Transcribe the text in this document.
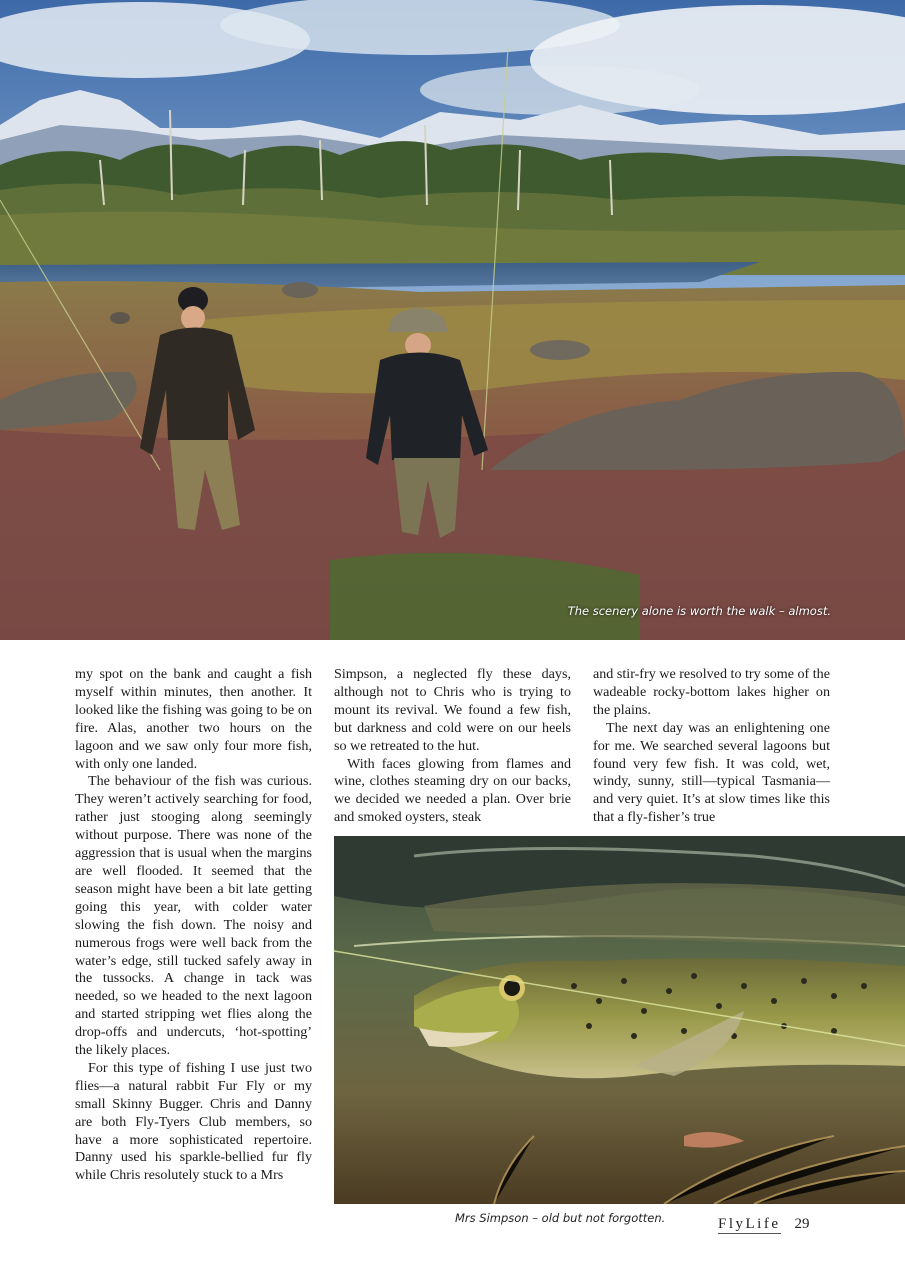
The scenery alone is worth the walk – almost.

my spot on the bank and caught a fish myself within minutes, then another. It looked like the fishing was going to be on fire. Alas, another two hours on the lagoon and we saw only four more fish, with only one landed.

The behaviour of the fish was curious. They weren’t actively searching for food, rather just stooging along seemingly without purpose. There was none of the aggression that is usual when the margins are well flooded. It seemed that the season might have been a bit late getting going this year, with colder water slowing the fish down. The noisy and numerous frogs were well back from the water’s edge, still tucked safely away in the tussocks. A change in tack was needed, so we headed to the next lagoon and started stripping wet flies along the drop-offs and undercuts, ‘hot-spotting’ the likely places.

For this type of fishing I use just two flies—a natural rabbit Fur Fly or my small Skinny Bugger. Chris and Danny are both Fly-Tyers Club members, so have a more sophisticated repertoire. Danny used his sparkle-bellied fur fly while Chris resolutely stuck to a Mrs

Simpson, a neglected fly these days, although not to Chris who is trying to mount its revival. We found a few fish, but darkness and cold were on our heels so we retreated to the hut.

With faces glowing from flames and wine, clothes steaming dry on our backs, we decided we needed a plan. Over brie and smoked oysters, steak

and stir-fry we resolved to try some of the wadeable rocky-bottom lakes higher on the plains.

The next day was an enlightening one for me. We searched several lagoons but found very few fish. It was cold, wet, windy, sunny, still—typical Tasmania—and very quiet. It’s at slow times like this that a fly-fisher’s true

Mrs Simpson – old but not forgotten.	FlyLife 29
